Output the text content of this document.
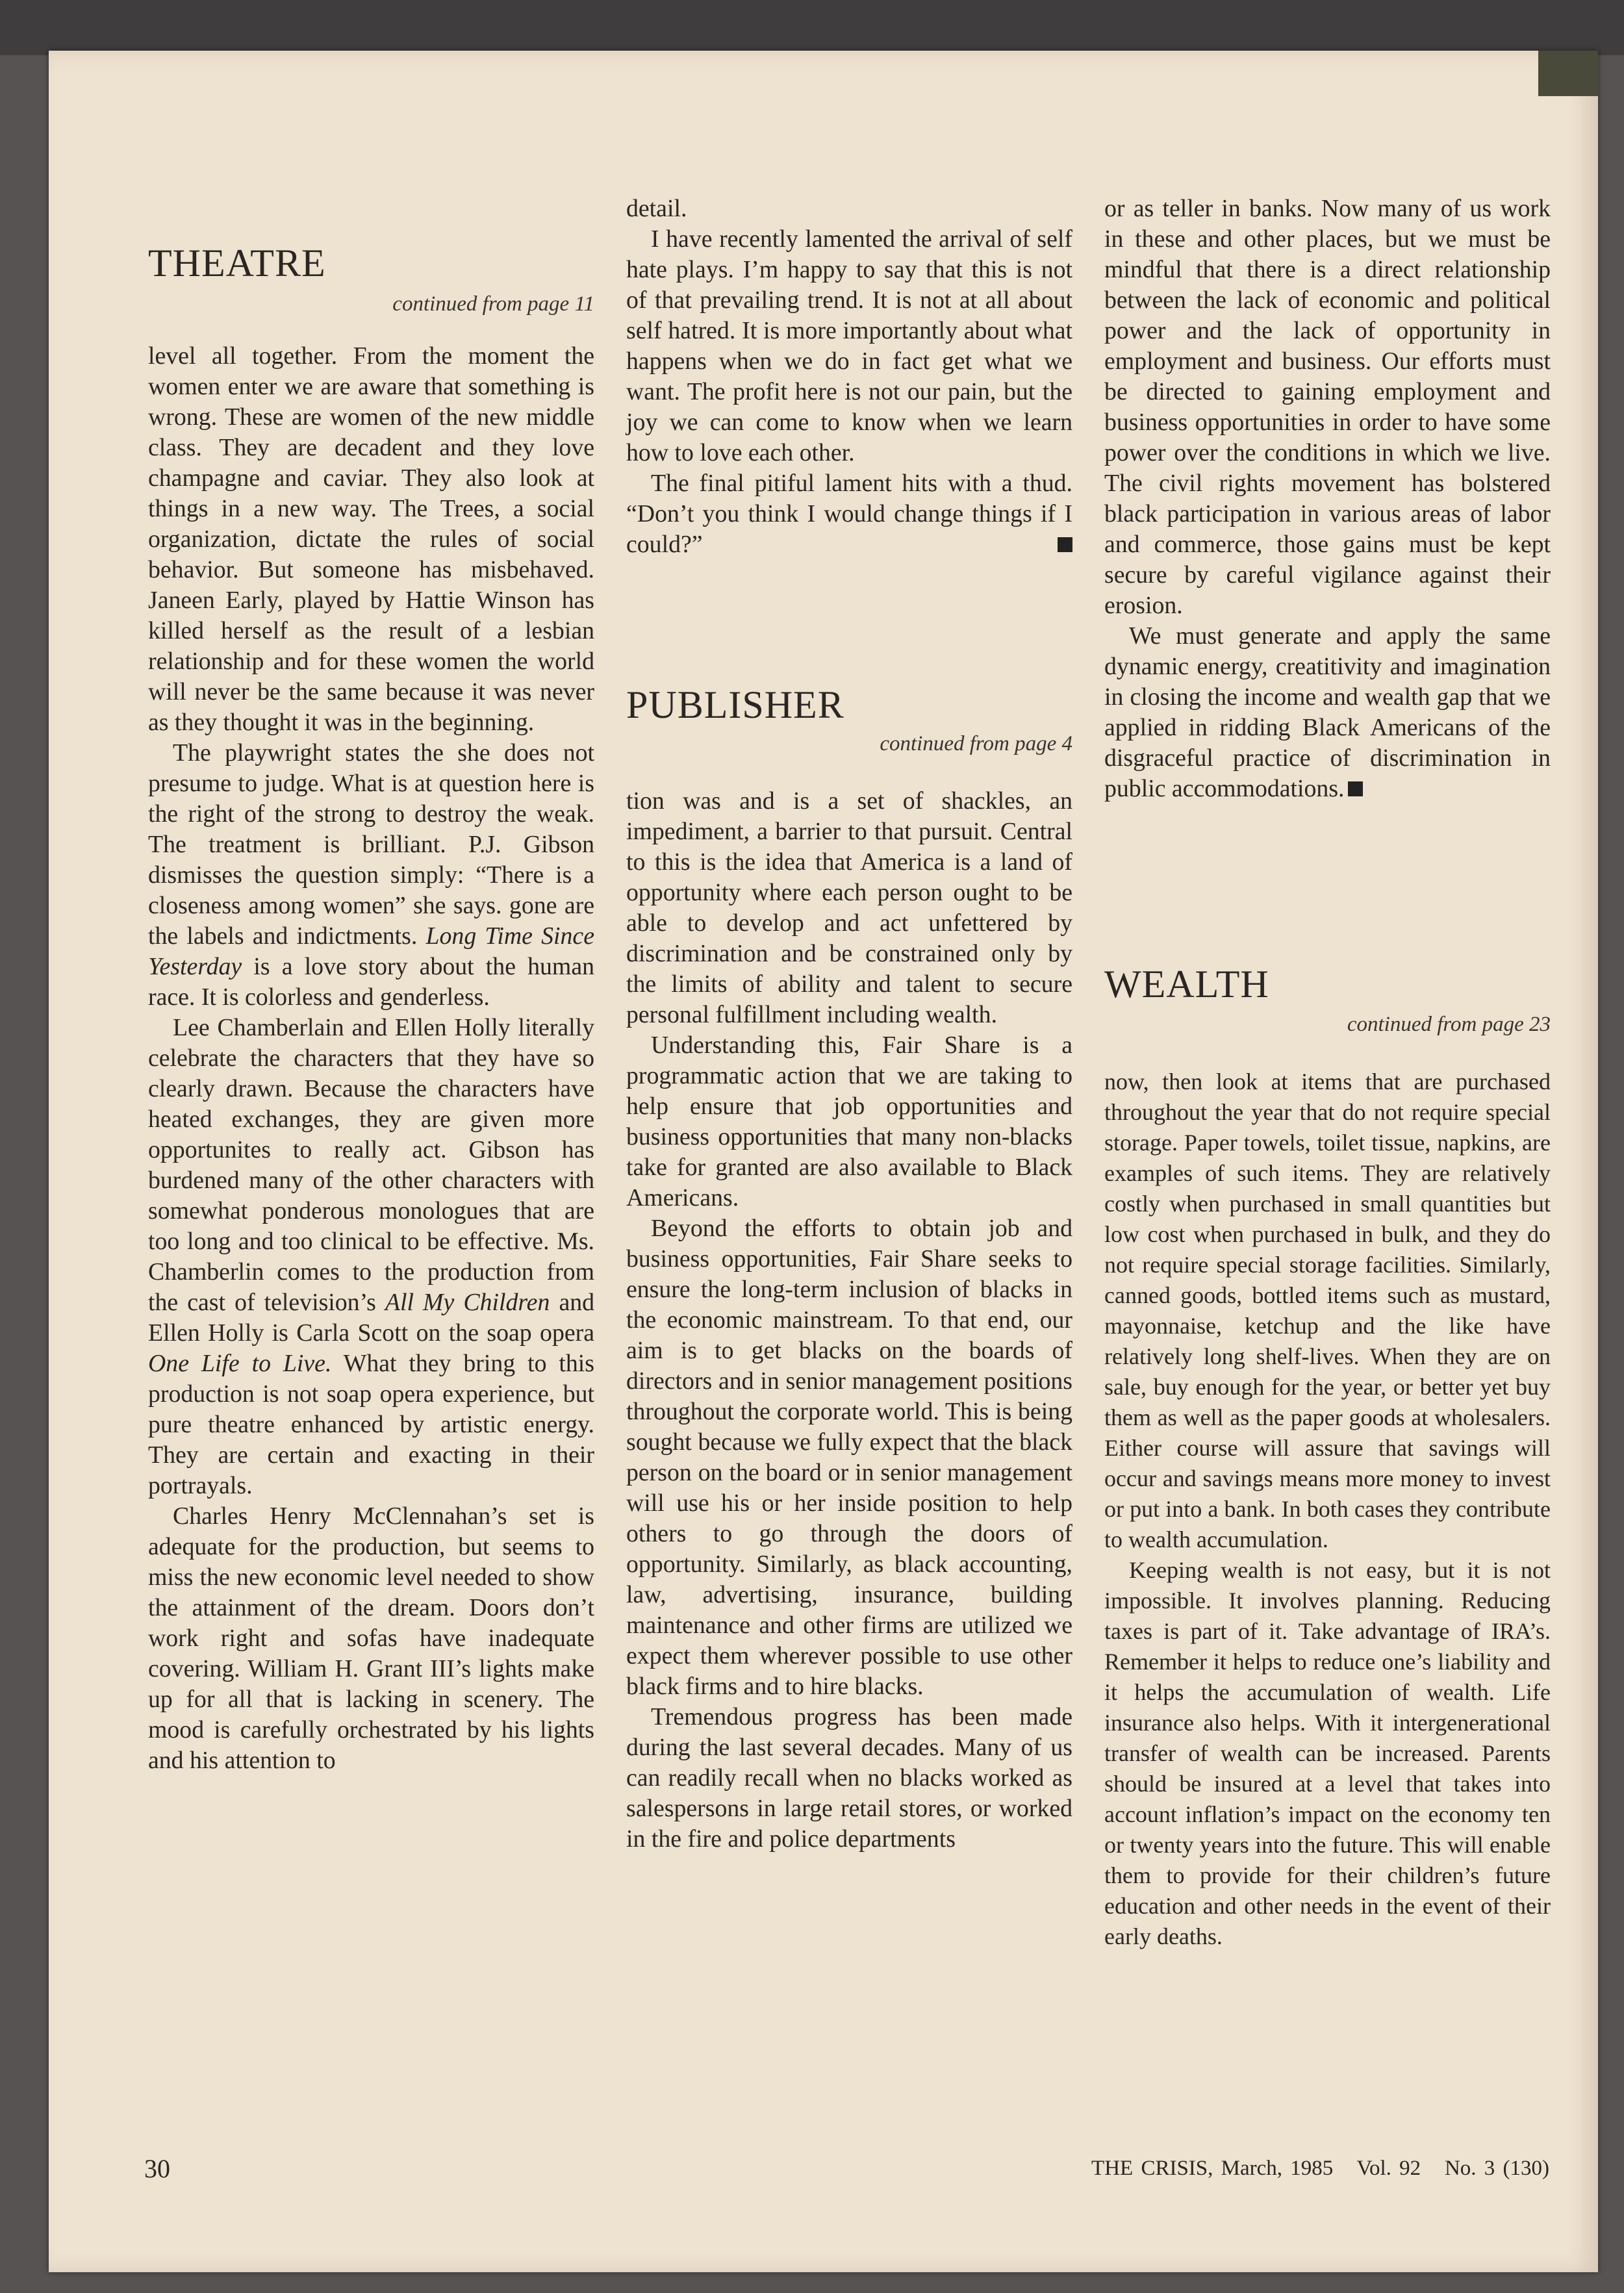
THEATRE
continued from page 11

level all together. From the moment the women enter we are aware that something is wrong. These are women of the new middle class. They are decadent and they love champagne and caviar. They also look at things in a new way. The Trees, a social organization, dictate the rules of social behavior. But someone has misbehaved. Janeen Early, played by Hattie Winson has killed herself as the result of a lesbian relationship and for these women the world will never be the same because it was never as they thought it was in the beginning.

The playwright states the she does not presume to judge. What is at question here is the right of the strong to destroy the weak. The treatment is brilliant. P.J. Gibson dismisses the question simply: “There is a closeness among women” she says. gone are the labels and indictments. Long Time Since Yesterday is a love story about the human race. It is colorless and genderless.

Lee Chamberlain and Ellen Holly literally celebrate the characters that they have so clearly drawn. Because the characters have heated exchanges, they are given more opportunites to really act. Gibson has burdened many of the other characters with somewhat ponderous monologues that are too long and too clinical to be effective. Ms. Chamberlin comes to the production from the cast of television’s All My Children and Ellen Holly is Carla Scott on the soap opera One Life to Live. What they bring to this production is not soap opera experience, but pure theatre enhanced by artistic energy. They are certain and exacting in their portrayals.

Charles Henry McClennahan’s set is adequate for the production, but seems to miss the new economic level needed to show the attainment of the dream. Doors don’t work right and sofas have inadequate covering. William H. Grant III’s lights make up for all that is lacking in scenery. The mood is carefully orchestrated by his lights and his attention to

detail.

I have recently lamented the arrival of self hate plays. I’m happy to say that this is not of that prevailing trend. It is not at all about self hatred. It is more importantly about what happens when we do in fact get what we want. The profit here is not our pain, but the joy we can come to know when we learn how to love each other.

The final pitiful lament hits with a thud. “Don’t you think I would change things if I could?”

PUBLISHER
continued from page 4

tion was and is a set of shackles, an impediment, a barrier to that pursuit. Central to this is the idea that America is a land of opportunity where each person ought to be able to develop and act unfettered by discrimination and be constrained only by the limits of ability and talent to secure personal fulfillment including wealth.

Understanding this, Fair Share is a programmatic action that we are taking to help ensure that job opportunities and business opportunities that many non-blacks take for granted are also available to Black Americans.

Beyond the efforts to obtain job and business opportunities, Fair Share seeks to ensure the long-term inclusion of blacks in the economic mainstream. To that end, our aim is to get blacks on the boards of directors and in senior management positions throughout the corporate world. This is being sought because we fully expect that the black person on the board or in senior management will use his or her inside position to help others to go through the doors of opportunity. Similarly, as black accounting, law, advertising, insurance, building maintenance and other firms are utilized we expect them wherever possible to use other black firms and to hire blacks.

Tremendous progress has been made during the last several decades. Many of us can readily recall when no blacks worked as salespersons in large retail stores, or worked in the fire and police departments

or as teller in banks. Now many of us work in these and other places, but we must be mindful that there is a direct relationship between the lack of economic and political power and the lack of opportunity in employment and business. Our efforts must be directed to gaining employment and business opportunities in order to have some power over the conditions in which we live. The civil rights movement has bolstered black participation in various areas of labor and commerce, those gains must be kept secure by careful vigilance against their erosion.

We must generate and apply the same dynamic energy, creatitivity and imagination in closing the income and wealth gap that we applied in ridding Black Americans of the disgraceful practice of discrimination in public accommodations.

WEALTH
continued from page 23

now, then look at items that are purchased throughout the year that do not require special storage. Paper towels, toilet tissue, napkins, are examples of such items. They are relatively costly when purchased in small quantities but low cost when purchased in bulk, and they do not require special storage facilities. Similarly, canned goods, bottled items such as mustard, mayonnaise, ketchup and the like have relatively long shelf-lives. When they are on sale, buy enough for the year, or better yet buy them as well as the paper goods at wholesalers. Either course will assure that savings will occur and savings means more money to invest or put into a bank. In both cases they contribute to wealth accumulation.

Keeping wealth is not easy, but it is not impossible. It involves planning. Reducing taxes is part of it. Take advantage of IRA’s. Remember it helps to reduce one’s liability and it helps the accumulation of wealth. Life insurance also helps. With it intergenerational transfer of wealth can be increased. Parents should be insured at a level that takes into account inflation’s impact on the economy ten or twenty years into the future. This will enable them to provide for their children’s future education and other needs in the event of their early deaths.

30	THE CRISIS, March, 1985 Vol. 92 No. 3 (130)
